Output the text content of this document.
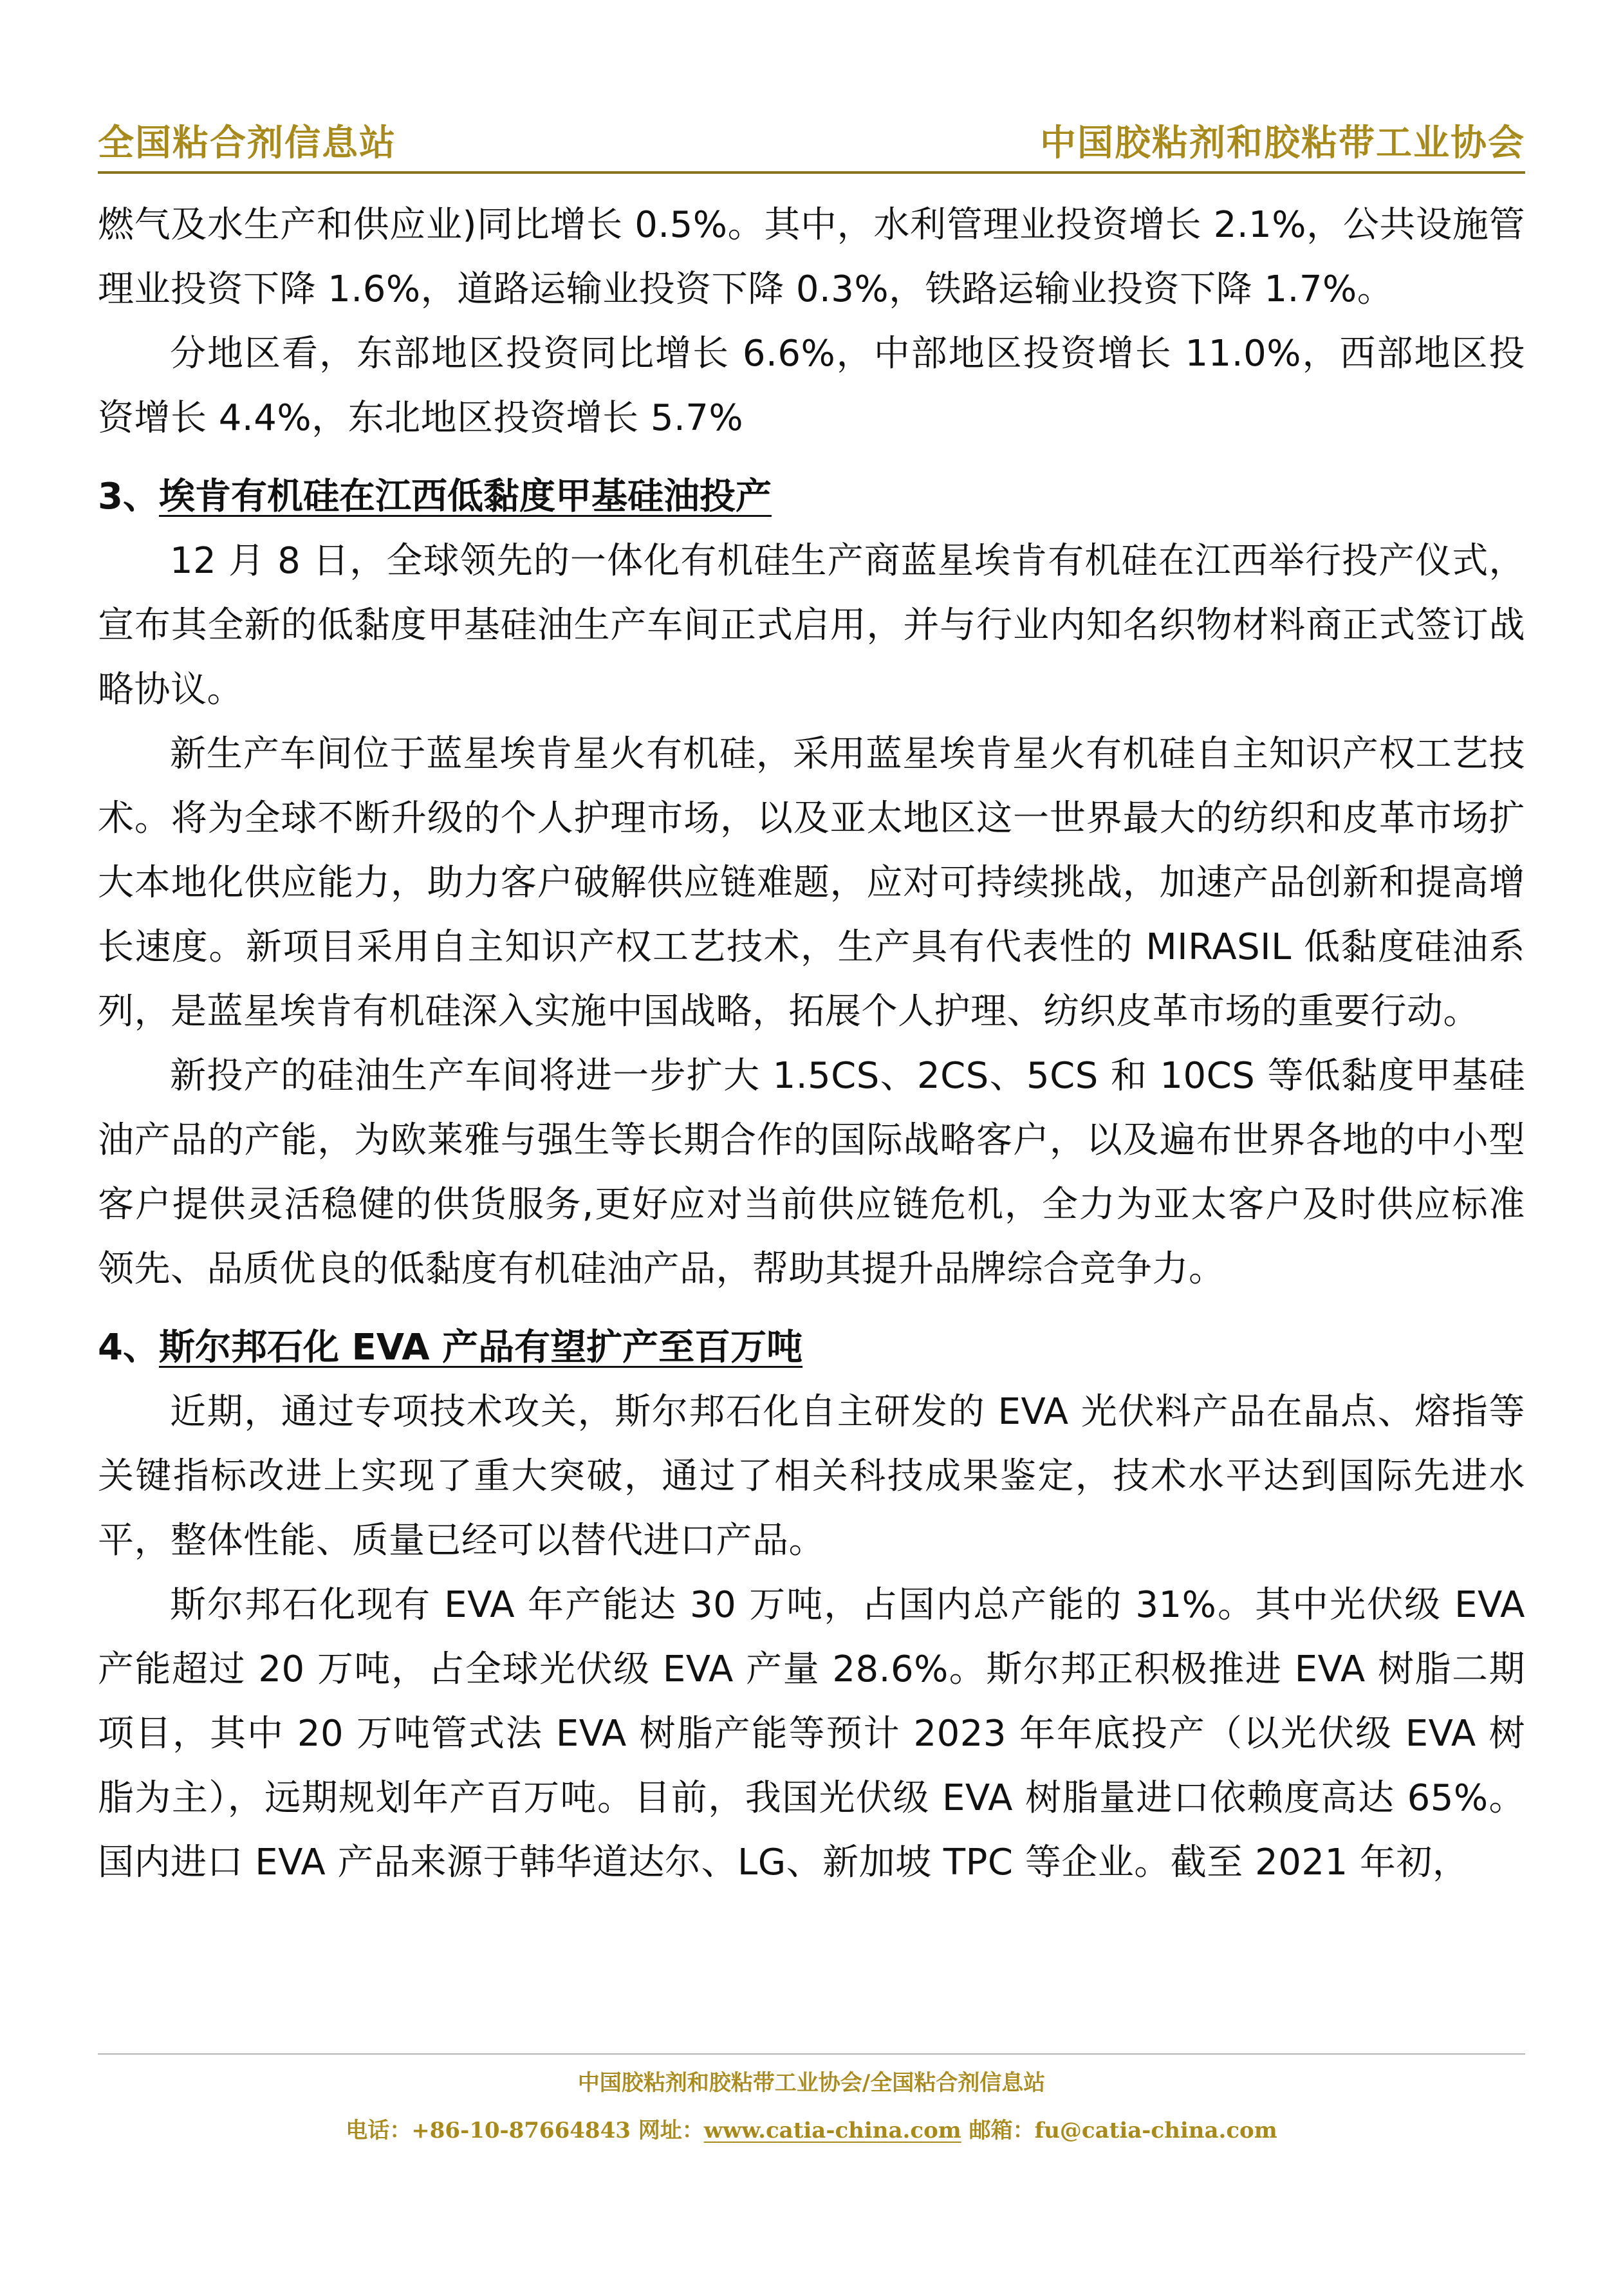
全国粘合剂信息站	中国胶粘剂和胶粘带工业协会

燃气及水生产和供应业)同比增长 0.5%。其中，水利管理业投资增长 2.1%，公共设施管理业投资下降 1.6%，道路运输业投资下降 0.3%，铁路运输业投资下降 1.7%。

分地区看，东部地区投资同比增长 6.6%，中部地区投资增长 11.0%，西部地区投资增长 4.4%，东北地区投资增长 5.7%

3、埃肯有机硅在江西低黏度甲基硅油投产

12 月 8 日，全球领先的一体化有机硅生产商蓝星埃肯有机硅在江西举行投产仪式，宣布其全新的低黏度甲基硅油生产车间正式启用，并与行业内知名织物材料商正式签订战略协议。

新生产车间位于蓝星埃肯星火有机硅，采用蓝星埃肯星火有机硅自主知识产权工艺技术。将为全球不断升级的个人护理市场，以及亚太地区这一世界最大的纺织和皮革市场扩大本地化供应能力，助力客户破解供应链难题，应对可持续挑战，加速产品创新和提高增长速度。新项目采用自主知识产权工艺技术，生产具有代表性的 MIRASIL 低黏度硅油系列，是蓝星埃肯有机硅深入实施中国战略，拓展个人护理、纺织皮革市场的重要行动。

新投产的硅油生产车间将进一步扩大 1.5CS、2CS、5CS 和 10CS 等低黏度甲基硅油产品的产能，为欧莱雅与强生等长期合作的国际战略客户，以及遍布世界各地的中小型客户提供灵活稳健的供货服务,更好应对当前供应链危机，全力为亚太客户及时供应标准领先、品质优良的低黏度有机硅油产品，帮助其提升品牌综合竞争力。

4、斯尔邦石化 EVA 产品有望扩产至百万吨

近期，通过专项技术攻关，斯尔邦石化自主研发的 EVA 光伏料产品在晶点、熔指等关键指标改进上实现了重大突破，通过了相关科技成果鉴定，技术水平达到国际先进水平，整体性能、质量已经可以替代进口产品。

斯尔邦石化现有 EVA 年产能达 30 万吨，占国内总产能的 31%。其中光伏级 EVA 产能超过 20 万吨，占全球光伏级 EVA 产量 28.6%。斯尔邦正积极推进 EVA 树脂二期项目，其中 20 万吨管式法 EVA 树脂产能等预计 2023 年年底投产（以光伏级 EVA 树脂为主），远期规划年产百万吨。目前，我国光伏级 EVA 树脂量进口依赖度高达 65%。国内进口 EVA 产品来源于韩华道达尔、LG、新加坡 TPC 等企业。截至 2021 年初，

中国胶粘剂和胶粘带工业协会/全国粘合剂信息站
电话：+86-10-87664843 网址：www.catia-china.com 邮箱：fu@catia-china.com
